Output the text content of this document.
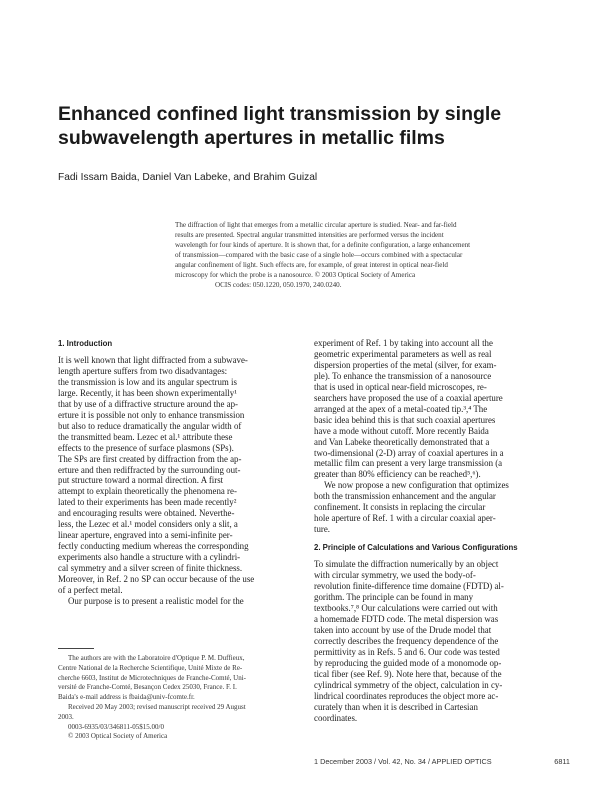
Enhanced confined light transmission by single
subwavelength apertures in metallic films
Fadi Issam Baida, Daniel Van Labeke, and Brahim Guizal
The diffraction of light that emerges from a metallic circular aperture is studied. Near- and far-field
results are presented. Spectral angular transmitted intensities are performed versus the incident
wavelength for four kinds of aperture. It is shown that, for a definite configuration, a large enhancement
of transmission—compared with the basic case of a single hole—occurs combined with a spectacular
angular confinement of light. Such effects are, for example, of great interest in optical near-field
microscopy for which the probe is a nanosource. © 2003 Optical Society of America
OCIS codes: 050.1220, 050.1970, 240.0240.
1. Introduction
It is well known that light diffracted from a subwave-
length aperture suffers from two disadvantages:
the transmission is low and its angular spectrum is
large. Recently, it has been shown experimentally¹
that by use of a diffractive structure around the ap-
erture it is possible not only to enhance transmission
but also to reduce dramatically the angular width of
the transmitted beam. Lezec et al.¹ attribute these
effects to the presence of surface plasmons (SPs).
The SPs are first created by diffraction from the ap-
erture and then rediffracted by the surrounding out-
put structure toward a normal direction. A first
attempt to explain theoretically the phenomena re-
lated to their experiments has been made recently²
and encouraging results were obtained. Neverthe-
less, the Lezec et al.¹ model considers only a slit, a
linear aperture, engraved into a semi-infinite per-
fectly conducting medium whereas the corresponding
experiments also handle a structure with a cylindri-
cal symmetry and a silver screen of finite thickness.
Moreover, in Ref. 2 no SP can occur because of the use
of a perfect metal.
Our purpose is to present a realistic model for the
experiment of Ref. 1 by taking into account all the
geometric experimental parameters as well as real
dispersion properties of the metal (silver, for exam-
ple). To enhance the transmission of a nanosource
that is used in optical near-field microscopes, re-
searchers have proposed the use of a coaxial aperture
arranged at the apex of a metal-coated tip.³,⁴ The
basic idea behind this is that such coaxial apertures
have a mode without cutoff. More recently Baida
and Van Labeke theoretically demonstrated that a
two-dimensional (2-D) array of coaxial apertures in a
metallic film can present a very large transmission (a
greater than 80% efficiency can be reached⁵,⁶).
We now propose a new configuration that optimizes
both the transmission enhancement and the angular
confinement. It consists in replacing the circular
hole aperture of Ref. 1 with a circular coaxial aper-
ture.
2. Principle of Calculations and Various Configurations
To simulate the diffraction numerically by an object
with circular symmetry, we used the body-of-
revolution finite-difference time domaine (FDTD) al-
gorithm. The principle can be found in many
textbooks.⁷,⁸ Our calculations were carried out with
a homemade FDTD code. The metal dispersion was
taken into account by use of the Drude model that
correctly describes the frequency dependence of the
permittivity as in Refs. 5 and 6. Our code was tested
by reproducing the guided mode of a monomode op-
tical fiber (see Ref. 9). Note here that, because of the
cylindrical symmetry of the object, calculation in cy-
lindrical coordinates reproduces the object more ac-
curately than when it is described in Cartesian
coordinates.
The authors are with the Laboratoire d'Optique P. M. Duffieux,
Centre National de la Recherche Scientifique, Unité Mixte de Re-
cherche 6603, Institut de Microtechniques de Franche-Comté, Uni-
versité de Franche-Comté, Besançon Cedex 25030, France. F. I.
Baida's e-mail address is fbaida@univ-fcomte.fr.
Received 20 May 2003; revised manuscript received 29 August
2003.
0003-6935/03/346811-05$15.00/0
© 2003 Optical Society of America
1 December 2003 / Vol. 42, No. 34 / APPLIED OPTICS	6811
